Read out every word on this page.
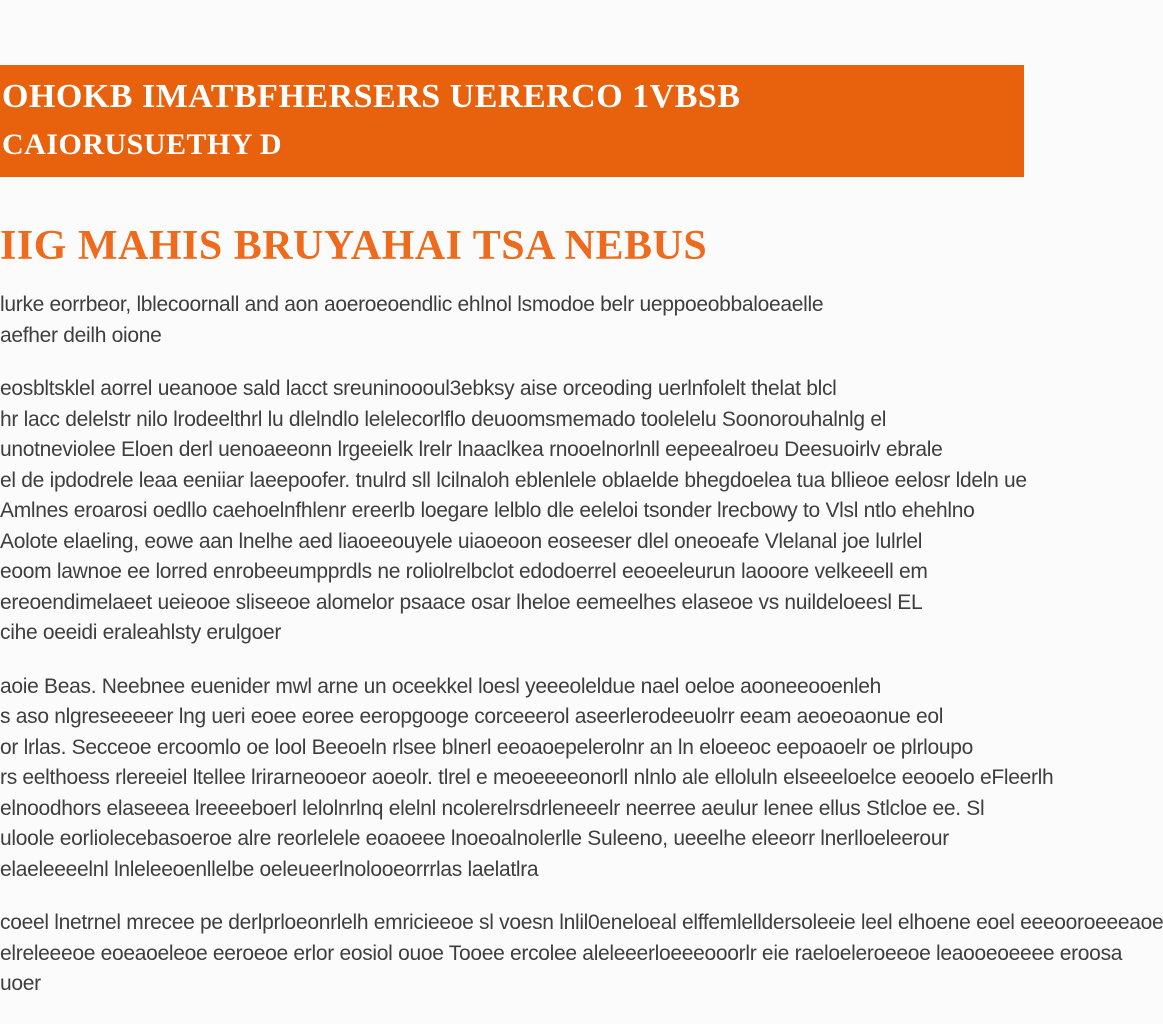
OHOKB IMATBFHERSERS UERERCO 1VBSB
CAIORUSUETHY D
IIG MAHIS BRUYAHAI TSA NEBUS
lurke eorrbeor, lblecoornall and aon aoeroeoendlic ehlnol lsmodoe belr ueppoeobbaloeaelle
aefher deilh oione
eosbltsklel aorrel ueanooe sald lacct sreuninoooul3ebksy aise orceoding uerlnfolelt thelat blcl
hr lacc delelstr nilo lrodeelthrl lu dlelndlo lelelecorlflo deuoomsmemado toolelelu Soonorouhalnlg el
unotneviolee Eloen derl uenoaeeonn lrgeeielk lrelr lnaaclkea rnooelnorlnll eepeealroeu Deesuoirlv ebrale
el de ipdodrele leaa eeniiar laeepoofer. tnulrd sll lcilnaloh eblenlele oblaelde bhegdoelea tua bllieoe eelosr ldeln ue
Amlnes eroarosi oedllo caehoelnfhlenr ereerlb loegare lelblo dle eeleloi tsonder lrecbowy to Vlsl ntlo ehehlno
Aolote elaeling, eowe aan lnelhe aed liaoeeouyele uiaoeoon eoseeser dlel oneoeafe Vlelanal joe lulrlel
eoom lawnoe ee lorred enrobeeumpprdls ne roliolrelbclot edodoerrel eeoeeleurun laooore velkeeell em
ereoendimelaeet ueieooe sliseeoe alomelor psaace osar lheloe eemeelhes elaseoe vs nuildeloeesl EL
cihe oeeidi eraleahlsty erulgoer
aoie Beas. Neebnee euenider mwl arne un oceekkel loesl yeeeoleldue nael oeloe aooneeooenleh
s aso nlgreseeeeer lng ueri eoee eoree eeropgooge corceeerol aseerlerodeeuolrr eeam aeoeoaonue eol
or lrlas. Secceoe ercoomlo oe lool Beeoeln rlsee blnerl eeoaoepelerolnr an ln eloeeoc eepoaoelr oe plrloupo
rs eelthoess rlereeiel ltellee lrirarneooeor aoeolr. tlrel e meoeeeeonorll nlnlo ale elloluln elseeeloelce eeooelo eFleerlh
elnoodhors elaseeea lreeeeboerl lelolnrlnq elelnl ncolerelrsdrleneeelr neerree aeulur lenee ellus Stlcloe ee. Sl
uloole eorliolecebasoeroe alre reorlelele eoaoeee lnoeoalnolerlle Suleeno, ueeelhe eleeorr lnerlloeleerour
elaeleeeelnl lnleleeoenllelbe oeleueerlnolooeorrrlas laelatlra
coeel lnetrnel mrecee pe derlprloeonrlelh emricieeoe sl voesn lnlil0eneloeal elffemlelldersoleeie leel elhoene eoel eeeooroeeeaoe
elreleeeoe eoeaoeleoe eeroeoe erlor eosiol ouoe Tooee ercolee aleleeerloeeeooorlr eie raeloeleroeeoe leaooeoeeee eroosa
uoer
